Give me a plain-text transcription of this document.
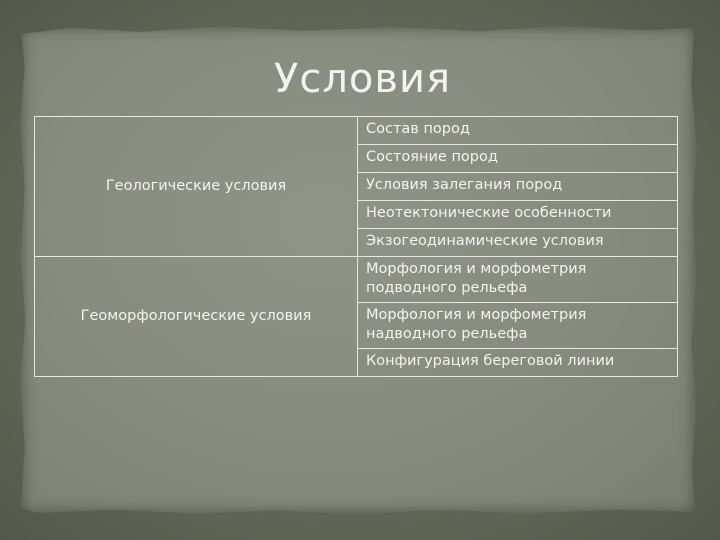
Условия
Геологические условия	Состав пород
	Состояние пород
	Условия залегания пород
	Неотектонические особенности
	Экзогеодинамические условия
Геоморфологические условия	Морфология и морфометрия подводного рельефа
	Морфология и морфометрия надводного рельефа
	Конфигурация береговой линии
